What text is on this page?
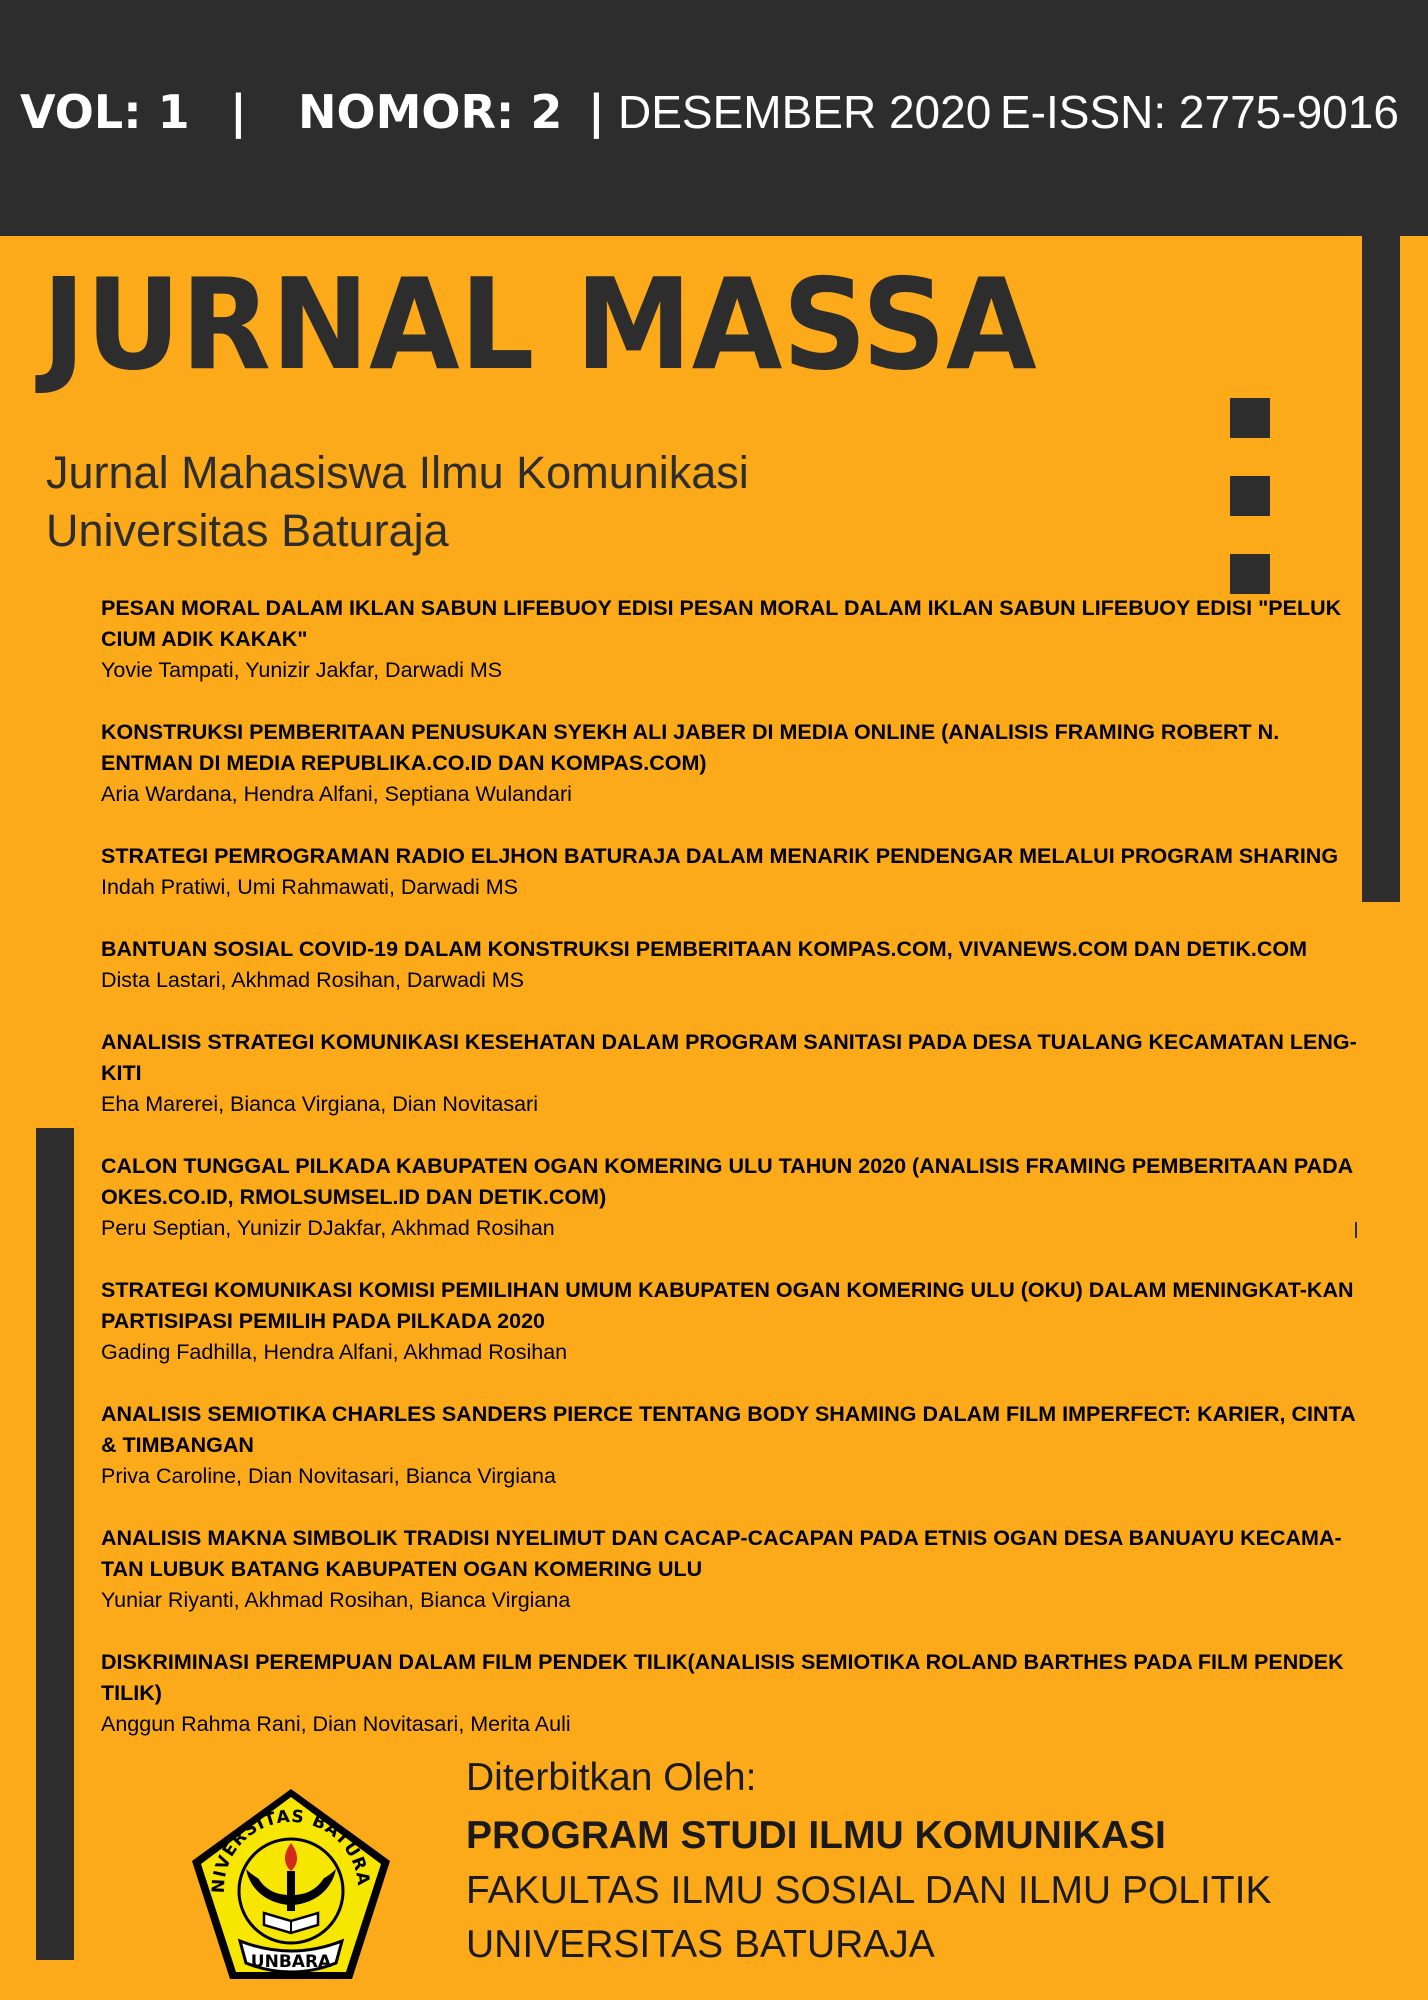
VOL: 1 | NOMOR: 2 | DESEMBER 2020 E-ISSN: 2775-9016
JURNAL MASSA
Jurnal Mahasiswa Ilmu Komunikasi
Universitas Baturaja
PESAN MORAL DALAM IKLAN SABUN LIFEBUOY EDISI PESAN MORAL DALAM IKLAN SABUN LIFEBUOY EDISI "PELUK CIUM ADIK KAKAK"
Yovie Tampati, Yunizir Jakfar, Darwadi MS
KONSTRUKSI PEMBERITAAN PENUSUKAN SYEKH ALI JABER DI MEDIA ONLINE (ANALISIS FRAMING ROBERT N. ENTMAN DI MEDIA REPUBLIKA.CO.ID DAN KOMPAS.COM)
Aria Wardana, Hendra Alfani, Septiana Wulandari
STRATEGI PEMROGRAMAN RADIO ELJHON BATURAJA DALAM MENARIK PENDENGAR MELALUI PROGRAM SHARING
Indah Pratiwi, Umi Rahmawati, Darwadi MS
BANTUAN SOSIAL COVID-19 DALAM KONSTRUKSI PEMBERITAAN KOMPAS.COM, VIVANEWS.COM DAN DETIK.COM
Dista Lastari, Akhmad Rosihan, Darwadi MS
ANALISIS STRATEGI KOMUNIKASI KESEHATAN DALAM PROGRAM SANITASI PADA DESA TUALANG KECAMATAN LENG-KITI
Eha Marerei, Bianca Virgiana, Dian Novitasari
CALON TUNGGAL PILKADA KABUPATEN OGAN KOMERING ULU TAHUN 2020 (ANALISIS FRAMING PEMBERITAAN PADA OKES.CO.ID, RMOLSUMSEL.ID DAN DETIK.COM)
Peru Septian, Yunizir DJakfar, Akhmad Rosihan
STRATEGI KOMUNIKASI KOMISI PEMILIHAN UMUM KABUPATEN OGAN KOMERING ULU (OKU) DALAM MENINGKAT-KAN PARTISIPASI PEMILIH PADA PILKADA 2020
Gading Fadhilla, Hendra Alfani, Akhmad Rosihan
ANALISIS SEMIOTIKA CHARLES SANDERS PIERCE TENTANG BODY SHAMING DALAM FILM IMPERFECT: KARIER, CINTA & TIMBANGAN
Priva Caroline, Dian Novitasari, Bianca Virgiana
ANALISIS MAKNA SIMBOLIK TRADISI NYELIMUT DAN CACAP-CACAPAN PADA ETNIS OGAN DESA BANUAYU KECAMA-TAN LUBUK BATANG KABUPATEN OGAN KOMERING ULU
Yuniar Riyanti, Akhmad Rosihan, Bianca Virgiana
DISKRIMINASI PEREMPUAN DALAM FILM PENDEK TILIK(ANALISIS SEMIOTIKA ROLAND BARTHES PADA FILM PENDEK TILIK)
Anggun Rahma Rani, Dian Novitasari, Merita Auli
NIVERSITAS BATURA
UNBARA
Diterbitkan Oleh:
PROGRAM STUDI ILMU KOMUNIKASI
FAKULTAS ILMU SOSIAL DAN ILMU POLITIK
UNIVERSITAS BATURAJA
